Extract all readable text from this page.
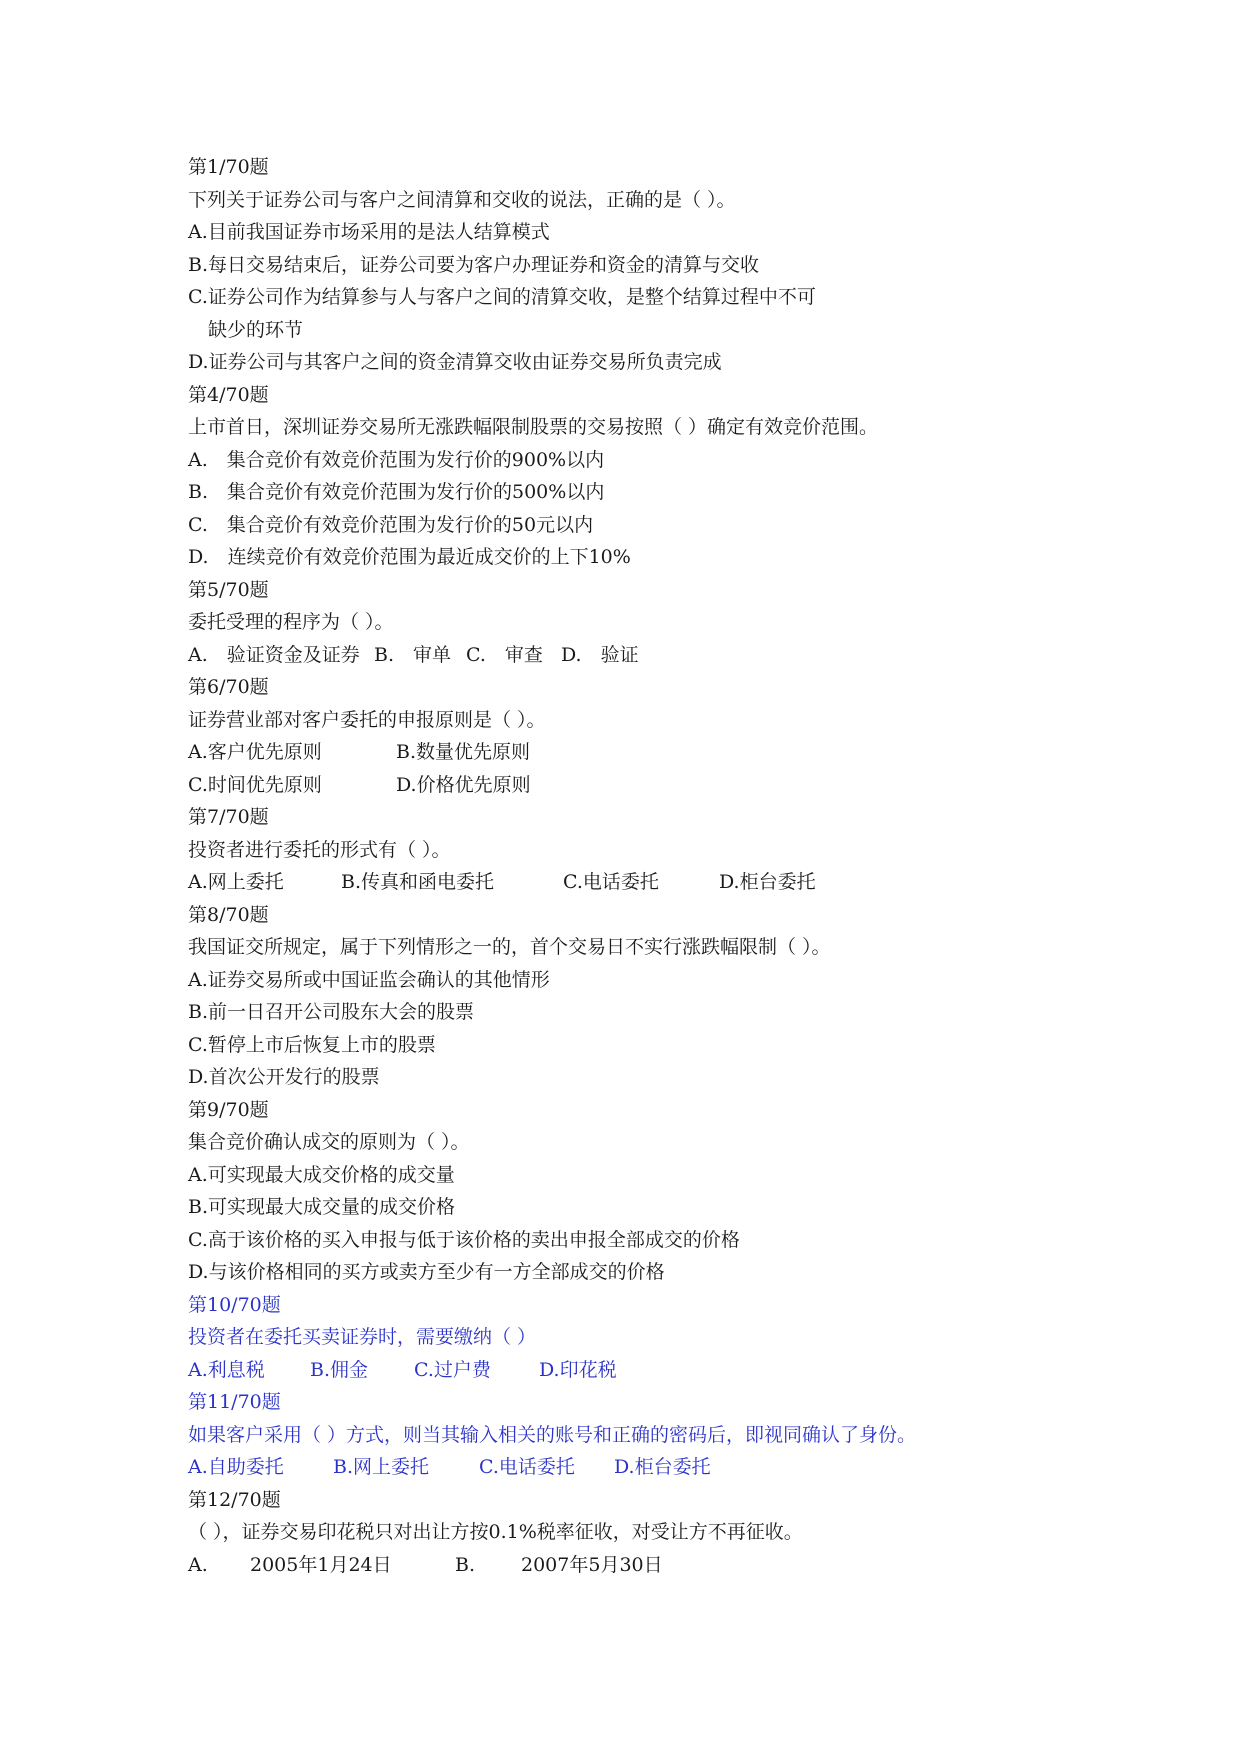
第1/70题
下列关于证券公司与客户之间清算和交收的说法，正确的是（ ）。
A.目前我国证券市场采用的是法人结算模式
B.每日交易结束后，证券公司要为客户办理证券和资金的清算与交收
C.证券公司作为结算参与人与客户之间的清算交收，是整个结算过程中不可
缺少的环节
D.证券公司与其客户之间的资金清算交收由证券交易所负责完成
第4/70题
上市首日，深圳证券交易所无涨跌幅限制股票的交易按照（ ）确定有效竞价范围。
A.　集合竞价有效竞价范围为发行价的900%以内
B.　集合竞价有效竞价范围为发行价的500%以内
C.　集合竞价有效竞价范围为发行价的50元以内
D.　连续竞价有效竞价范围为最近成交价的上下10%
第5/70题
委托受理的程序为（ ）。
A.　验证资金及证券 B.　审单 C.　审查 D.　验证
第6/70题
证券营业部对客户委托的申报原则是（ ）。
A.客户优先原则	B.数量优先原则
C.时间优先原则	D.价格优先原则
第7/70题
投资者进行委托的形式有（ ）。
A.网上委托	B.传真和函电委托	C.电话委托	D.柜台委托
第8/70题
我国证交所规定，属于下列情形之一的，首个交易日不实行涨跌幅限制（ ）。
A.证券交易所或中国证监会确认的其他情形
B.前一日召开公司股东大会的股票
C.暂停上市后恢复上市的股票
D.首次公开发行的股票
第9/70题
集合竞价确认成交的原则为（ ）。
A.可实现最大成交价格的成交量
B.可实现最大成交量的成交价格
C.高于该价格的买入申报与低于该价格的卖出申报全部成交的价格
D.与该价格相同的买方或卖方至少有一方全部成交的价格
第10/70题
投资者在委托买卖证券时，需要缴纳（ ）
A.利息税 B.佣金 C.过户费	D.印花税
第11/70题
如果客户采用（ ）方式，则当其输入相关的账号和正确的密码后，即视同确认了身份。
A.自助委托	B.网上委托	C.电话委托 D.柜台委托
第12/70题
（ ），证券交易印花税只对出让方按0.1%税率征收，对受让方不再征收。
A. 2005年1月24日	B. 2007年5月30日
